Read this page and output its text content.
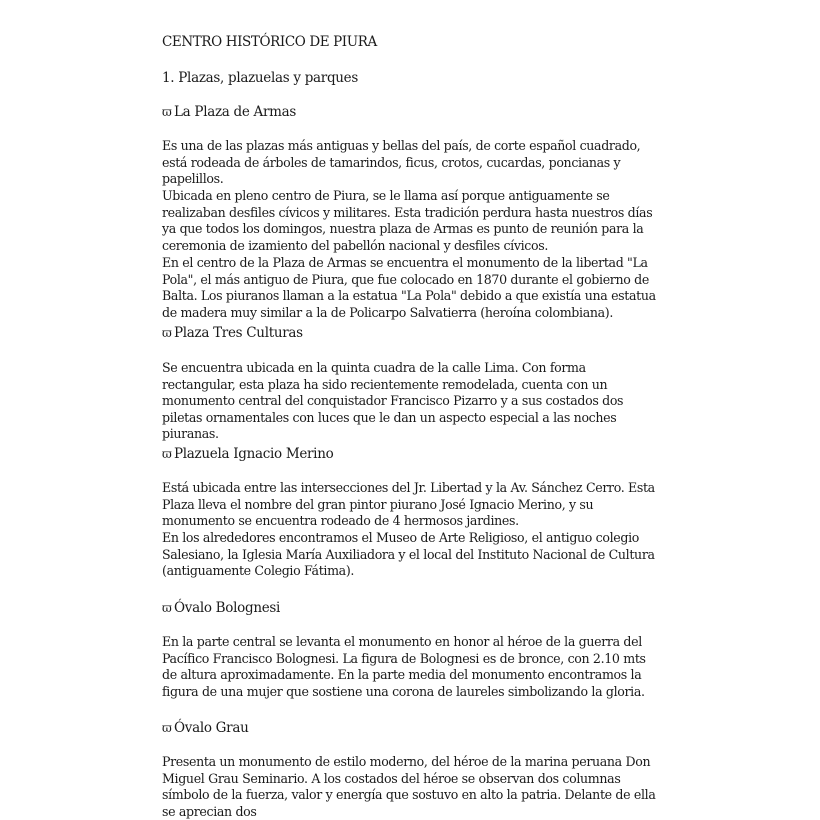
CENTRO HISTÓRICO DE PIURA
1. Plazas, plazuelas y parques
ϖ La Plaza de Armas

Es una de las plazas más antiguas y bellas del país, de corte español cuadrado, está rodeada de árboles de tamarindos, ficus, crotos, cucardas, poncianas y papelillos.

Ubicada en pleno centro de Piura, se le llama así porque antiguamente se realizaban desfiles cívicos y militares. Esta tradición perdura hasta nuestros días ya que todos los domingos, nuestra plaza de Armas es punto de reunión para la ceremonia de izamiento del pabellón nacional y desfiles cívicos.

En el centro de la Plaza de Armas se encuentra el monumento de la libertad "La Pola", el más antiguo de Piura, que fue colocado en 1870 durante el gobierno de Balta. Los piuranos llaman a la estatua "La Pola" debido a que existía una estatua de madera muy similar a la de Policarpo Salvatierra (heroína colombiana).

ϖ Plaza Tres Culturas

Se encuentra ubicada en la quinta cuadra de la calle Lima. Con forma rectangular, esta plaza ha sido recientemente remodelada, cuenta con un monumento central del conquistador Francisco Pizarro y a sus costados dos piletas ornamentales con luces que le dan un aspecto especial a las noches piuranas.

ϖ Plazuela Ignacio Merino

Está ubicada entre las intersecciones del Jr. Libertad y la Av. Sánchez Cerro. Esta Plaza lleva el nombre del gran pintor piurano José Ignacio Merino, y su monumento se encuentra rodeado de 4 hermosos jardines.

En los alrededores encontramos el Museo de Arte Religioso, el antiguo colegio Salesiano, la Iglesia María Auxiliadora y el local del Instituto Nacional de Cultura (antiguamente Colegio Fátima).

ϖ Óvalo Bolognesi

En la parte central se levanta el monumento en honor al héroe de la guerra del Pacífico Francisco Bolognesi. La figura de Bolognesi es de bronce, con 2.10 mts de altura aproximadamente. En la parte media del monumento encontramos la figura de una mujer que sostiene una corona de laureles simbolizando la gloria.

ϖ Óvalo Grau

Presenta un monumento de estilo moderno, del héroe de la marina peruana Don Miguel Grau Seminario. A los costados del héroe se observan dos columnas símbolo de la fuerza, valor y energía que sostuvo en alto la patria. Delante de ella se aprecian dos
